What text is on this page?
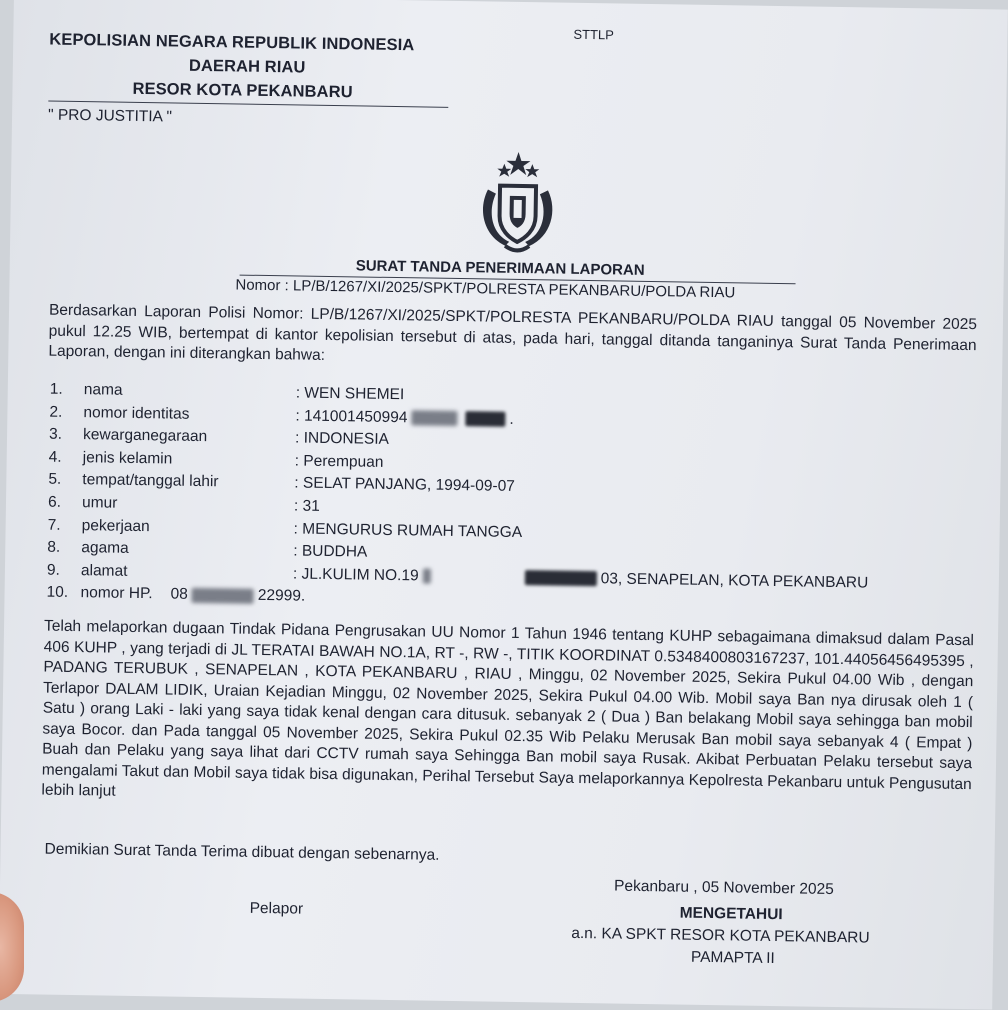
STTLP
KEPOLISIAN NEGARA REPUBLIK INDONESIA
DAERAH RIAU
RESOR KOTA PEKANBARU
" PRO JUSTITIA "
SURAT TANDA PENERIMAAN LAPORAN
Nomor : LP/B/1267/XI/2025/SPKT/POLRESTA PEKANBARU/POLDA RIAU
Berdasarkan Laporan Polisi Nomor: LP/B/1267/XI/2025/SPKT/POLRESTA PEKANBARU/POLDA RIAU tanggal 05 November 2025 pukul 12.25 WIB, bertempat di kantor kepolisian tersebut di atas, pada hari, tanggal ditanda tanganinya Surat Tanda Penerimaan Laporan, dengan ini diterangkan bahwa:
1.	nama	: WEN SHEMEI
2.	nomor identitas	: 141001450994	.
3.	kewarganegaraan	: INDONESIA
4.	jenis kelamin	: Perempuan
5.	tempat/tanggal lahir	: SELAT PANJANG, 1994-09-07
6.	umur	: 31
7.	pekerjaan	: MENGURUS RUMAH TANGGA
8.	agama	: BUDDHA
9.	alamat	: JL.KULIM NO.19	03, SENAPELAN, KOTA PEKANBARU
10. nomor HP. 08	22999.
Telah melaporkan dugaan Tindak Pidana Pengrusakan UU Nomor 1 Tahun 1946 tentang KUHP sebagaimana dimaksud dalam Pasal 406 KUHP , yang terjadi di JL TERATAI BAWAH NO.1A, RT -, RW -, TITIK KOORDINAT 0.5348400803167237, 101.44056456495395 , PADANG TERUBUK , SENAPELAN , KOTA PEKANBARU , RIAU , Minggu, 02 November 2025, Sekira Pukul 04.00 Wib , dengan Terlapor DALAM LIDIK, Uraian Kejadian Minggu, 02 November 2025, Sekira Pukul 04.00 Wib. Mobil saya Ban nya dirusak oleh 1 ( Satu ) orang Laki - laki yang saya tidak kenal dengan cara ditusuk. sebanyak 2 ( Dua ) Ban belakang Mobil saya sehingga ban mobil saya Bocor. dan Pada tanggal 05 November 2025, Sekira Pukul 02.35 Wib Pelaku Merusak Ban mobil saya sebanyak 4 ( Empat ) Buah dan Pelaku yang saya lihat dari CCTV rumah saya Sehingga Ban mobil saya Rusak. Akibat Perbuatan Pelaku tersebut saya mengalami Takut dan Mobil saya tidak bisa digunakan, Perihal Tersebut Saya melaporkannya Kepolresta Pekanbaru untuk Pengusutan lebih lanjut
Demikian Surat Tanda Terima dibuat dengan sebenarnya.
Pekanbaru , 05 November 2025
Pelapor	MENGETAHUI
a.n. KA SPKT RESOR KOTA PEKANBARU
PAMAPTA II
